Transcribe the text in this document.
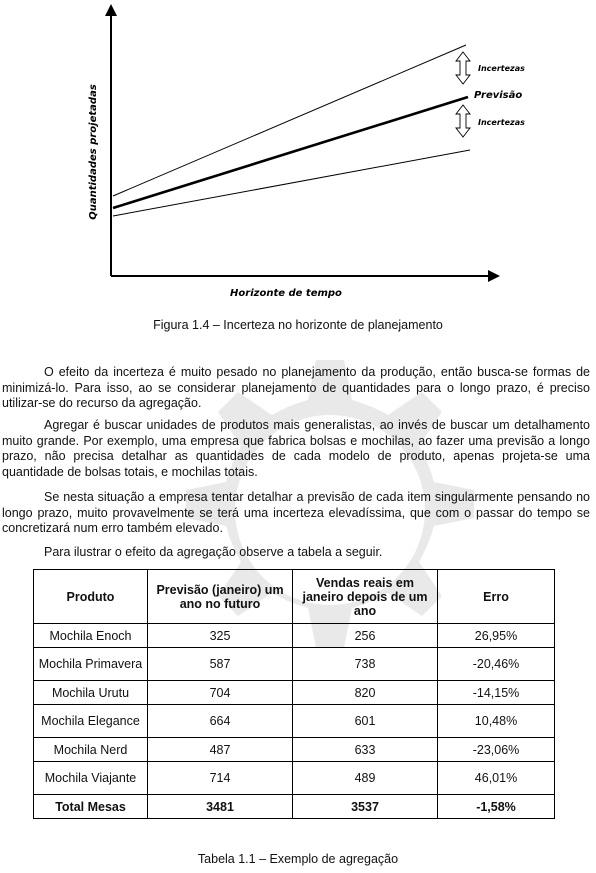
Incertezas
Previsão
Incertezas
Horizonte de tempo
Quantidades projetadas
Figura 1.4 – Incerteza no horizonte de planejamento
O efeito da incerteza é muito pesado no planejamento da produção, então busca-se formas de minimizá-lo. Para isso, ao se considerar planejamento de quantidades para o longo prazo, é preciso utilizar-se do recurso da agregação.
Agregar é buscar unidades de produtos mais generalistas, ao invés de buscar um detalhamento muito grande. Por exemplo, uma empresa que fabrica bolsas e mochilas, ao fazer uma previsão a longo prazo, não precisa detalhar as quantidades de cada modelo de produto, apenas projeta-se uma quantidade de bolsas totais, e mochilas totais.
Se nesta situação a empresa tentar detalhar a previsão de cada item singularmente pensando no longo prazo, muito provavelmente se terá uma incerteza elevadíssima, que com o passar do tempo se concretizará num erro também elevado.
Para ilustrar o efeito da agregação observe a tabela a seguir.
Produto	Previsão (janeiro) um ano no futuro	Vendas reais em janeiro depois de um ano	Erro
Mochila Enoch	325	256	26,95%
Mochila Primavera	587	738	-20,46%
Mochila Urutu	704	820	-14,15%
Mochila Elegance	664	601	10,48%
Mochila Nerd	487	633	-23,06%
Mochila Viajante	714	489	46,01%
Total Mesas	3481	3537	-1,58%
Tabela 1.1 – Exemplo de agregação
